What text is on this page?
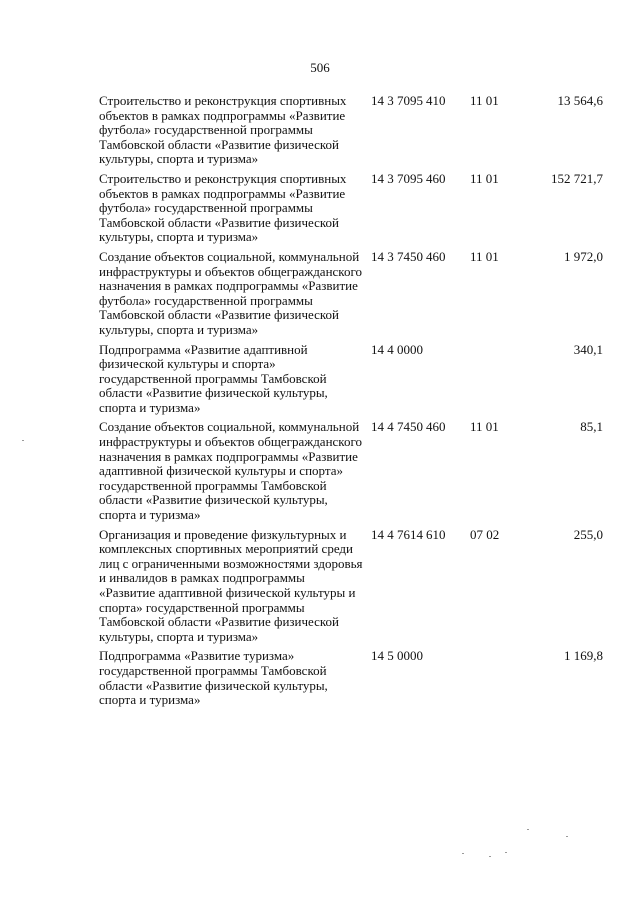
506
Строительство и реконструкция спортивных объектов в рамках подпрограммы «Развитие футбола» государственной программы Тамбовской области «Развитие физической культуры, спорта и туризма»	14 3 7095	410	11 01	13 564,6
Строительство и реконструкция спортивных объектов в рамках подпрограммы «Развитие футбола» государственной программы Тамбовской области «Развитие физической культуры, спорта и туризма»	14 3 7095	460	11 01	152 721,7
Создание объектов социальной, коммунальной инфраструктуры и объектов общегражданского назначения в рамках подпрограммы «Развитие футбола» государственной программы Тамбовской области «Развитие физической культуры, спорта и туризма»	14 3 7450	460	11 01	1 972,0
Подпрограмма «Развитие адаптивной физической культуры и спорта» государственной программы Тамбовской области «Развитие физической культуры, спорта и туризма»	14 4 0000			340,1
Создание объектов социальной, коммунальной инфраструктуры и объектов общегражданского назначения в рамках подпрограммы «Развитие адаптивной физической культуры и спорта» государственной программы Тамбовской области «Развитие физической культуры, спорта и туризма»	14 4 7450	460	11 01	85,1
Организация и проведение физкультурных и комплексных спортивных мероприятий среди лиц с ограниченными возможностями здоровья и инвалидов в рамках подпрограммы «Развитие адаптивной физической культуры и спорта» государственной программы Тамбовской области «Развитие физической культуры, спорта и туризма»	14 4 7614	610	07 02	255,0
Подпрограмма «Развитие туризма» государственной программы Тамбовской области «Развитие физической культуры, спорта и туризма»	14 5 0000			1 169,8
